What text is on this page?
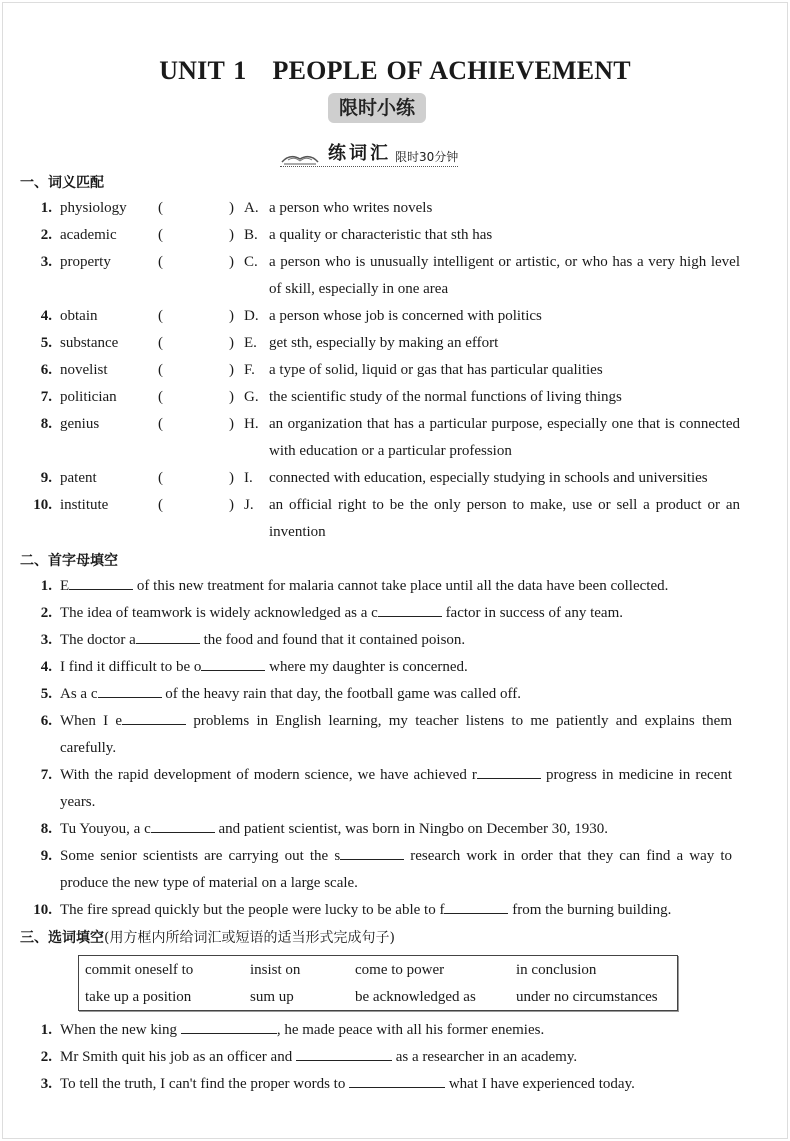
UNIT 1   PEOPLE OF ACHIEVEMENT
限时小练
练词汇 限时30分钟
一、词义匹配
1. physiology	(	) A. a person who writes novels
2. academic	(	) B. a quality or characteristic that sth has
3. property	(	) C. a person who is unusually intelligent or artistic, or who has a very high level of skill, especially in one area
4. obtain	(	) D. a person whose job is concerned with politics
5. substance	(	) E. get sth, especially by making an effort
6. novelist	(	) F. a type of solid, liquid or gas that has particular qualities
7. politician	(	) G. the scientific study of the normal functions of living things
8. genius	(	) H. an organization that has a particular purpose, especially one that is connected with education or a particular profession
9. patent	(	) I.	connected with education, especially studying in schools and universities
10. institute	(	) J.	an official right to be the only person to make, use or sell a product or an invention
二、首字母填空
1. E	of this new treatment for malaria cannot take place until all the data have been collected.
2. The idea of teamwork is widely acknowledged as a c	factor in success of any team.
3. The doctor a	the food and found that it contained poison.
4. I find it difficult to be o	where my daughter is concerned.
5. As a c	of the heavy rain that day, the football game was called off.
6. When I e	problems in English learning, my teacher listens to me patiently and explains them carefully.
7. With the rapid development of modern science, we have achieved r	progress in medicine in recent years.
8. Tu Youyou, a c	and patient scientist, was born in Ningbo on December 30, 1930.
9. Some senior scientists are carrying out the s	research work in order that they can find a way to produce the new type of material on a large scale.
10. The fire spread quickly but the people were lucky to be able to f	from the burning building.
三、选词填空(用方框内所给词汇或短语的适当形式完成句子)
commit oneself to	insist on	come to power	in conclusion
take up a position	sum up	be acknowledged as	under no circumstances
1. When the new king	, he made peace with all his former enemies.
2. Mr Smith quit his job as an officer and	as a researcher in an academy.
3. To tell the truth, I can't find the proper words to	what I have experienced today.
